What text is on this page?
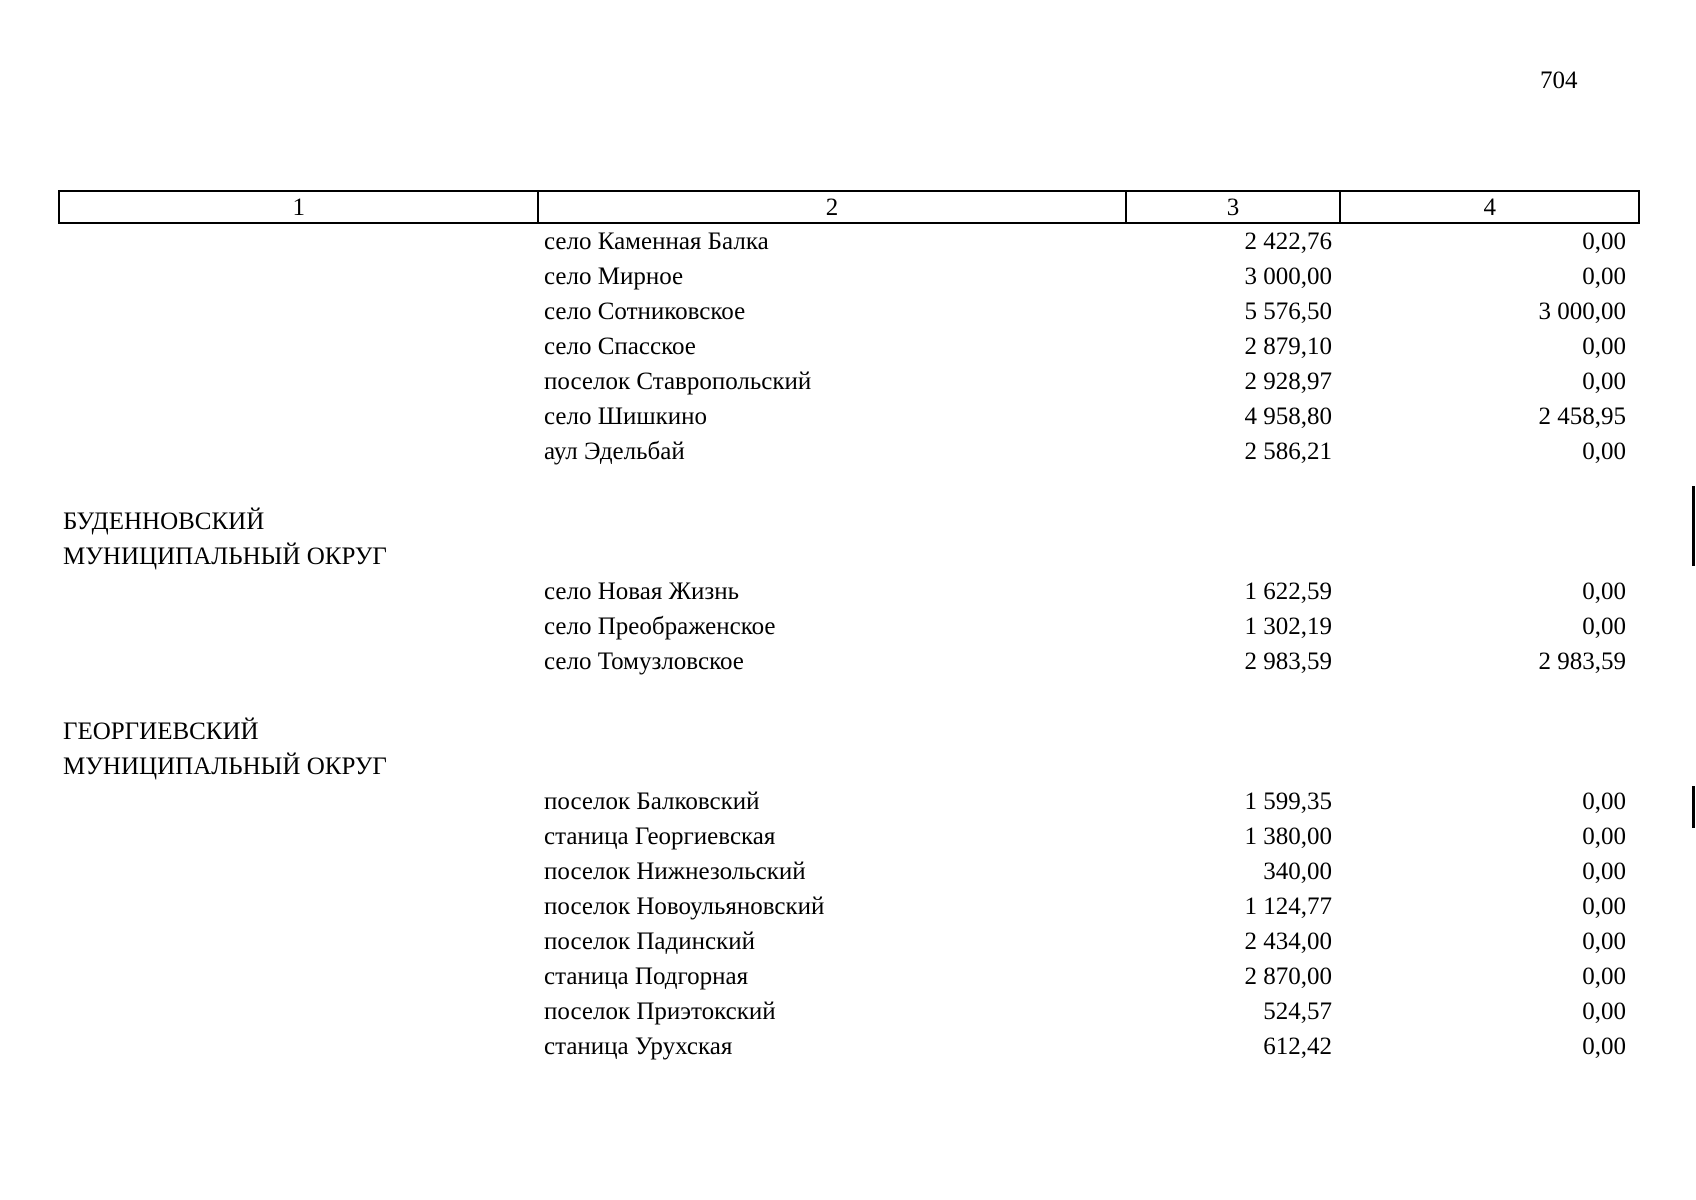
704
1	2	3	4
село Каменная Балка	2 422,76	0,00
село Мирное	3 000,00	0,00
село Сотниковское	5 576,50	3 000,00
село Спасское	2 879,10	0,00
поселок Ставропольский	2 928,97	0,00
село Шишкино	4 958,80	2 458,95
аул Эдельбай	2 586,21	0,00
БУДЕННОВСКИЙ
МУНИЦИПАЛЬНЫЙ ОКРУГ
село Новая Жизнь	1 622,59	0,00
село Преображенское	1 302,19	0,00
село Томузловское	2 983,59	2 983,59
ГЕОРГИЕВСКИЙ
МУНИЦИПАЛЬНЫЙ ОКРУГ
поселок Балковский	1 599,35	0,00
станица Георгиевская	1 380,00	0,00
поселок Нижнезольский	340,00	0,00
поселок Новоульяновский	1 124,77	0,00
поселок Падинский	2 434,00	0,00
станица Подгорная	2 870,00	0,00
поселок Приэтокский	524,57	0,00
станица Урухская	612,42	0,00
